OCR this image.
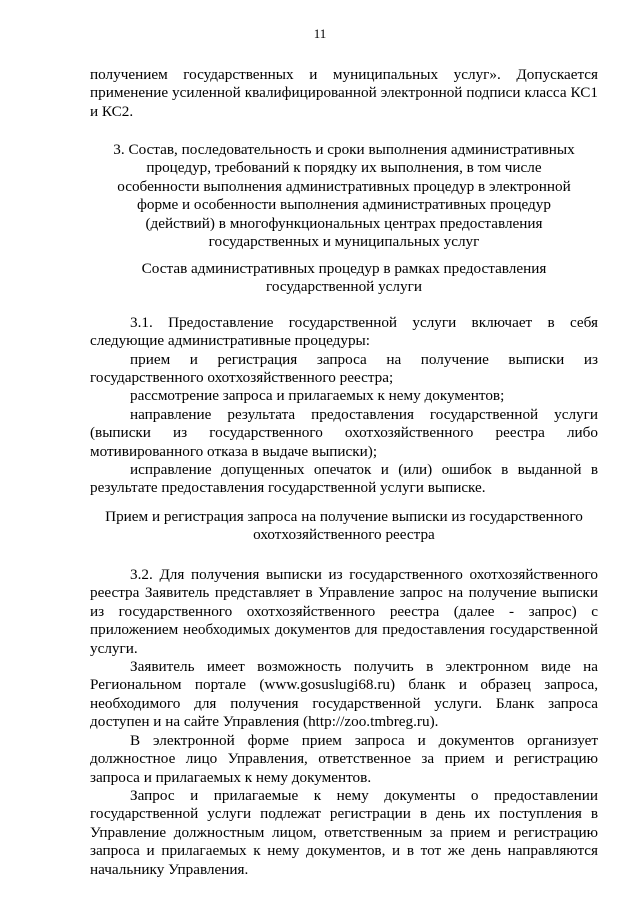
11

получением государственных и муниципальных услуг». Допускается применение усиленной квалифицированной электронной подписи класса КС1 и КС2.

3. Состав, последовательность и сроки выполнения административных процедур, требований к порядку их выполнения, в том числе особенности выполнения административных процедур в электронной форме и особенности выполнения административных процедур (действий) в многофункциональных центрах предоставления государственных и муниципальных услуг

Состав административных процедур в рамках предоставления государственной услуги

3.1. Предоставление государственной услуги включает в себя следующие административные процедуры:

прием и регистрация запроса на получение выписки из государственного охотхозяйственного реестра;

рассмотрение запроса и прилагаемых к нему документов;

направление результата предоставления государственной услуги (выписки из государственного охотхозяйственного реестра либо мотивированного отказа в выдаче выписки);

исправление допущенных опечаток и (или) ошибок в выданной в результате предоставления государственной услуги выписке.

Прием и регистрация запроса на получение выписки из государственного охотхозяйственного реестра

3.2. Для получения выписки из государственного охотхозяйственного реестра Заявитель представляет в Управление запрос на получение выписки из государственного охотхозяйственного реестра (далее - запрос) с приложением необходимых документов для предоставления государственной услуги.

Заявитель имеет возможность получить в электронном виде на Региональном портале (www.gosuslugi68.ru) бланк и образец запроса, необходимого для получения государственной услуги. Бланк запроса доступен и на сайте Управления (http://zoo.tmbreg.ru).

В электронной форме прием запроса и документов организует должностное лицо Управления, ответственное за прием и регистрацию запроса и прилагаемых к нему документов.

Запрос и прилагаемые к нему документы о предоставлении государственной услуги подлежат регистрации в день их поступления в Управление должностным лицом, ответственным за прием и регистрацию запроса и прилагаемых к нему документов, и в тот же день направляются начальнику Управления.
